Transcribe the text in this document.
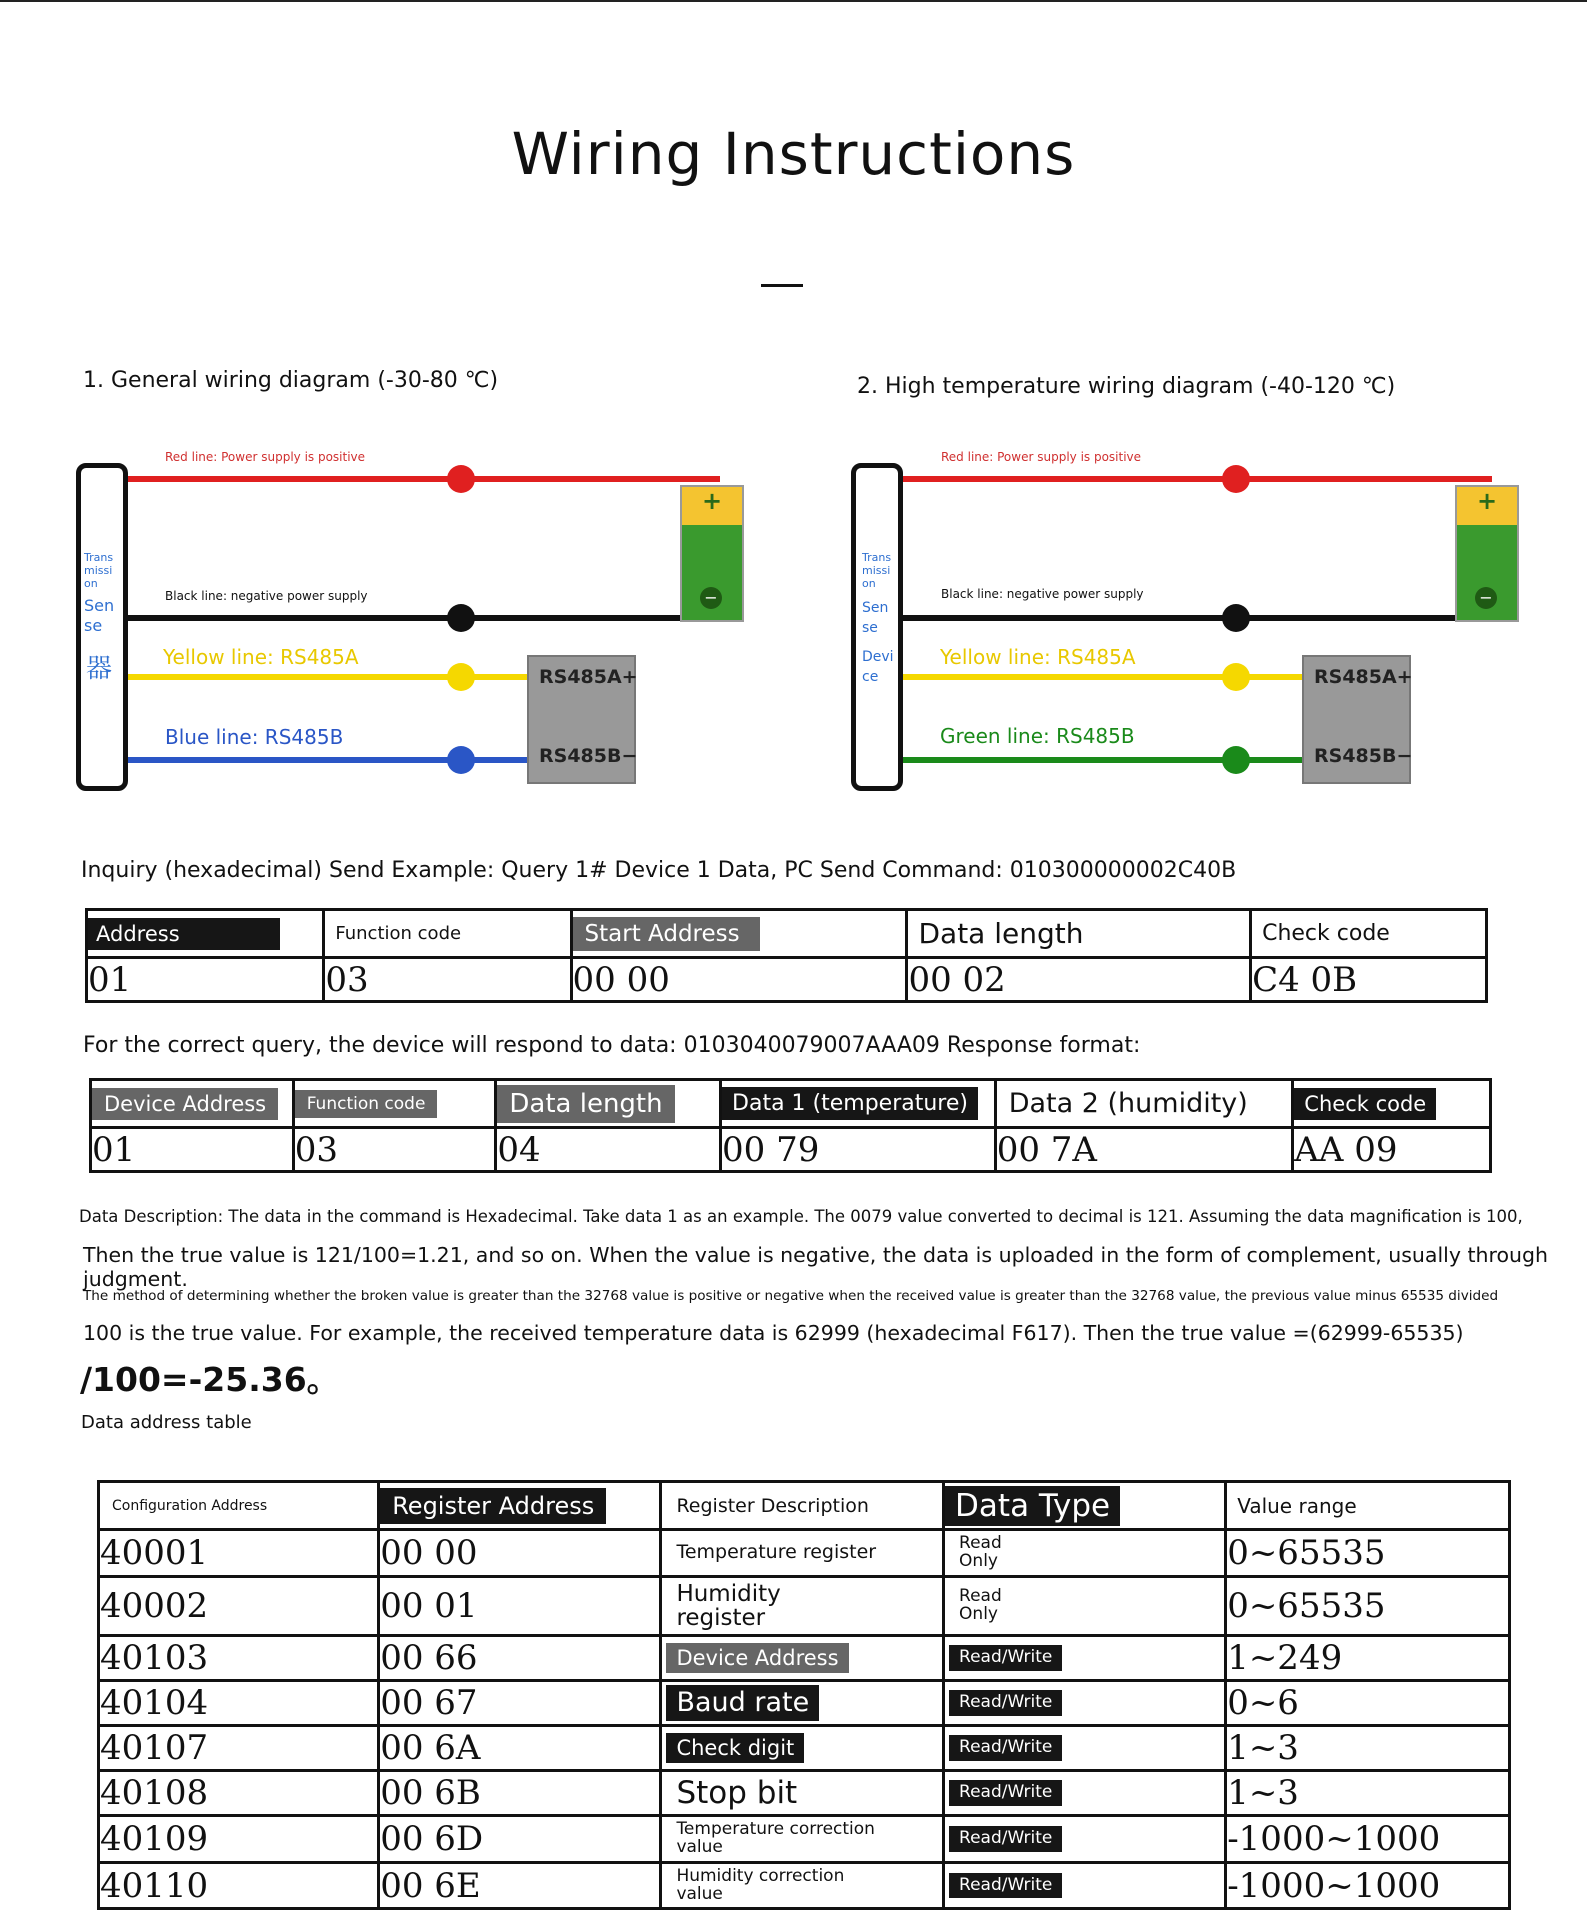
Wiring Instructions
1. General wiring diagram (-30-80 ℃)
Red line: Power supply is positive
Black line: negative power supply
Yellow line: RS485A
Blue line: RS485B
Trans
missi
on
Sen
se
器
+
−
RS485A+
RS485B−
2. High temperature wiring diagram (-40-120 ℃)
Red line: Power supply is positive
Black line: negative power supply
Yellow line: RS485A
Green line: RS485B
Trans
missi
on
Sen
se
Devi
ce
+
−
RS485A+
RS485B−
Inquiry (hexadecimal) Send Example: Query 1# Device 1 Data, PC Send Command: 010300000002C40B
Address	Function code	Start Address	Data length	Check code
01	03	00 00	00 02	C4 0B
For the correct query, the device will respond to data: 0103040079007AAA09 Response format:
Device Address	Function code	Data length	Data 1 (temperature)	Data 2 (humidity)	Check code
01	03	04	00 79	00 7A	AA 09
Data Description: The data in the command is Hexadecimal. Take data 1 as an example. The 0079 value converted to decimal is 121. Assuming the data magnification is 100,
Then the true value is 121/100=1.21, and so on. When the value is negative, the data is uploaded in the form of complement, usually through judgment.
The method of determining whether the broken value is greater than the 32768 value is positive or negative when the received value is greater than the 32768 value, the previous value minus 65535 divided
100 is the true value. For example, the received temperature data is 62999 (hexadecimal F617). Then the true value =(62999-65535)
/100=-25.36。
Data address table
Configuration Address	Register Address	Register Description	Data Type	Value range
40001	00 00	Temperature register	Read Only	0~65535
40002	00 01	Humidity register	Read Only	0~65535
40103	00 66	Device Address	Read/Write	1~249
40104	00 67	Baud rate	Read/Write	0~6
40107	00 6A	Check digit	Read/Write	1~3
40108	00 6B	Stop bit	Read/Write	1~3
40109	00 6D	Temperature correction value	Read/Write	-1000~1000
40110	00 6E	Humidity correction value	Read/Write	-1000~1000
